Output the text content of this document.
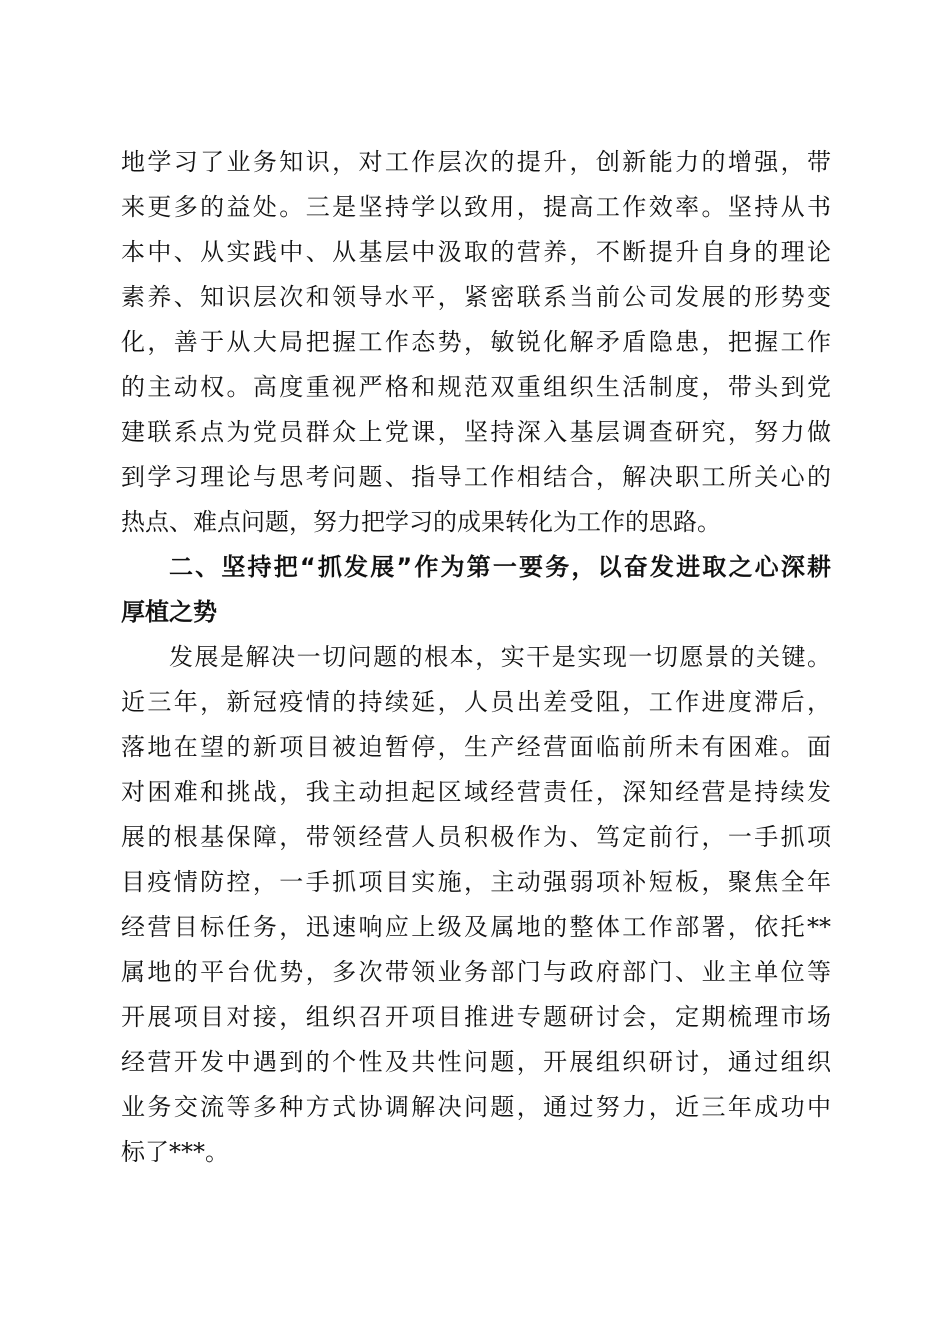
地学习了业务知识，对工作层次的提升，创新能力的增强，带
来更多的益处。三是坚持学以致用，提高工作效率。坚持从书
本中、从实践中、从基层中汲取的营养，不断提升自身的理论
素养、知识层次和领导水平，紧密联系当前公司发展的形势变
化，善于从大局把握工作态势，敏锐化解矛盾隐患，把握工作
的主动权。高度重视严格和规范双重组织生活制度，带头到党
建联系点为党员群众上党课，坚持深入基层调查研究，努力做
到学习理论与思考问题、指导工作相结合，解决职工所关心的
热点、难点问题，努力把学习的成果转化为工作的思路。
二、坚持把“抓发展”作为第一要务，以奋发进取之心深耕
厚植之势
发展是解决一切问题的根本，实干是实现一切愿景的关键。
近三年，新冠疫情的持续延，人员出差受阻，工作进度滞后，
落地在望的新项目被迫暂停，生产经营面临前所未有困难。面
对困难和挑战，我主动担起区域经营责任，深知经营是持续发
展的根基保障，带领经营人员积极作为、笃定前行，一手抓项
目疫情防控，一手抓项目实施，主动强弱项补短板，聚焦全年
经营目标任务，迅速响应上级及属地的整体工作部署，依托**
属地的平台优势，多次带领业务部门与政府部门、业主单位等
开展项目对接，组织召开项目推进专题研讨会，定期梳理市场
经营开发中遇到的个性及共性问题，开展组织研讨，通过组织
业务交流等多种方式协调解决问题，通过努力，近三年成功中
标了***。
